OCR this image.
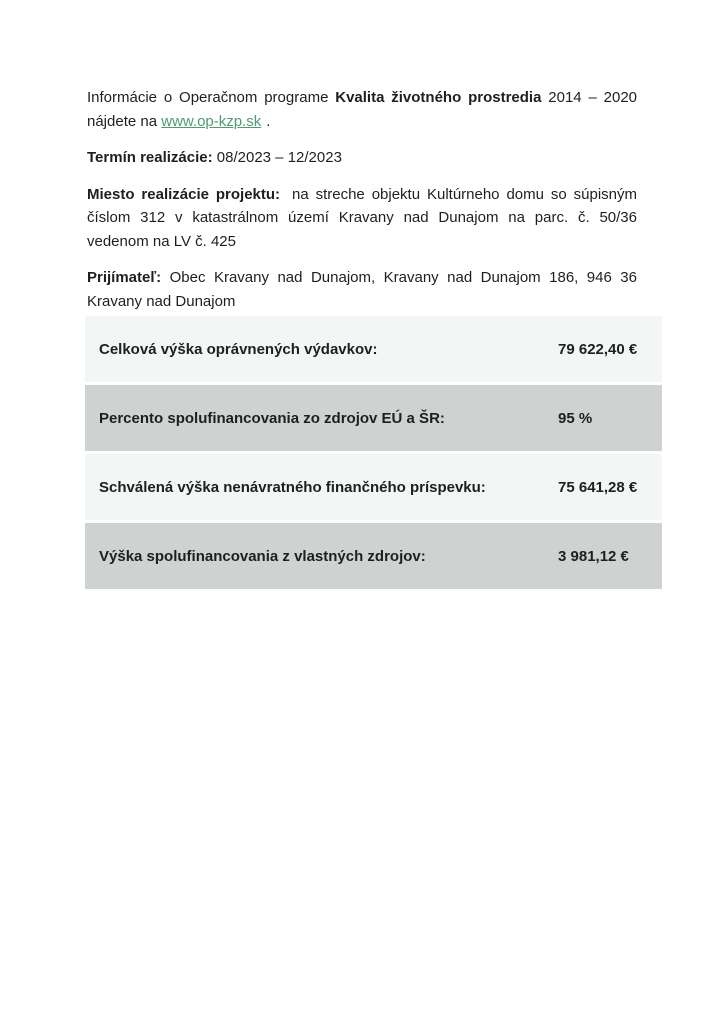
Informácie o Operačnom programe Kvalita životného prostredia 2014 – 2020 nájdete na www.op-kzp.sk .

Termín realizácie: 08/2023 – 12/2023

Miesto realizácie projektu: na streche objektu Kultúrneho domu so súpisným číslom 312 v katastrálnom území Kravany nad Dunajom na parc. č. 50/36 vedenom na LV č. 425

Prijímateľ: Obec Kravany nad Dunajom, Kravany nad Dunajom 186, 946 36 Kravany nad Dunajom

Celková výška oprávnených výdavkov:	79 622,40 €
Percento spolufinancovania zo zdrojov EÚ a ŠR:	95 %
Schválená výška nenávratného finančného príspevku:	75 641,28 €
Výška spolufinancovania z vlastných zdrojov:	3 981,12 €
